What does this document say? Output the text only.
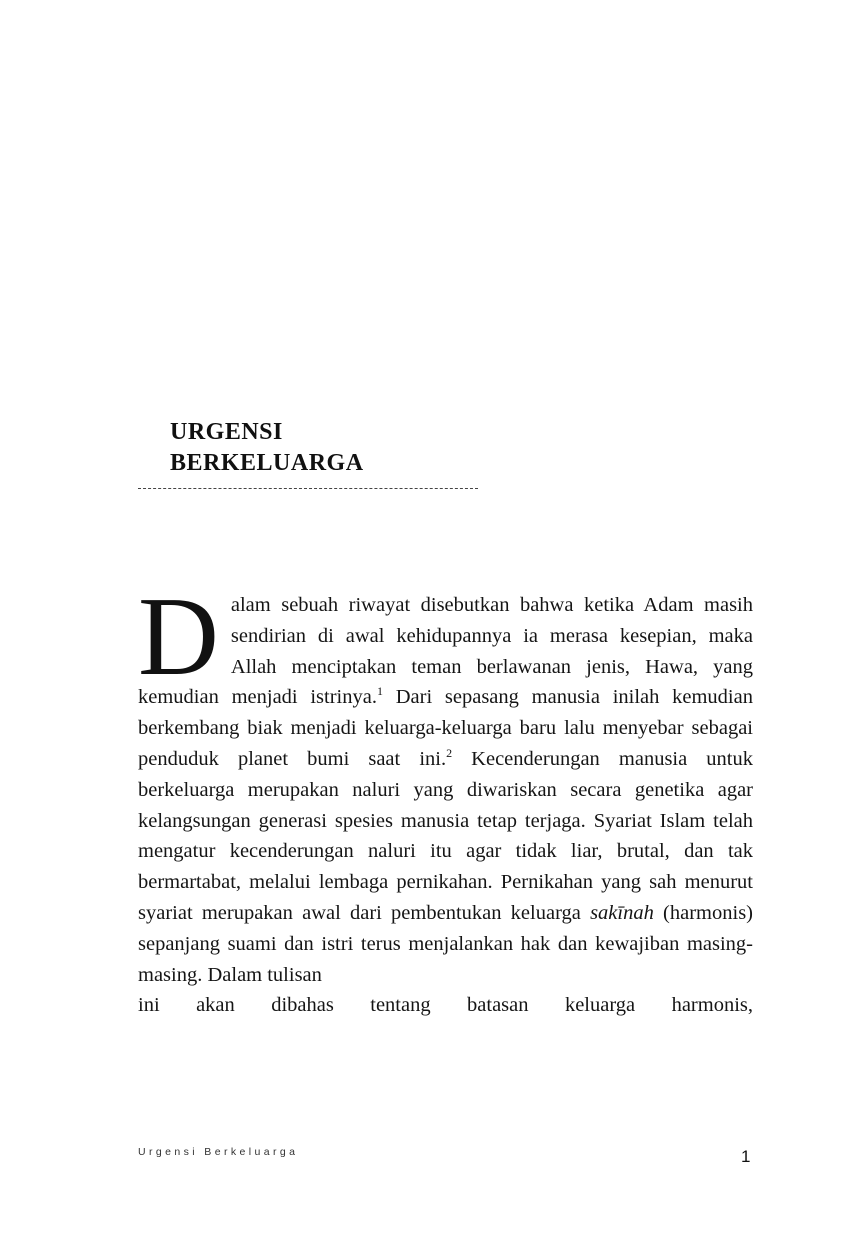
URGENSI
BERKELUARGA

Dalam sebuah riwayat disebutkan bahwa ketika Adam masih sendirian di awal kehidupannya ia merasa kesepian, maka Allah menciptakan teman berlawanan jenis, Hawa, yang kemudian menjadi istrinya.$^1$ Dari sepasang manusia inilah kemudian berkembang biak menjadi keluarga-keluarga baru lalu menyebar sebagai penduduk planet bumi saat ini.$^2$ Kecenderungan manusia untuk berkeluarga merupakan naluri yang diwariskan secara genetika agar kelangsungan generasi spesies manusia tetap terjaga. Syariat Islam telah mengatur kecenderungan naluri itu agar tidak liar, brutal, dan tak bermartabat, melalui lembaga pernikahan. Pernikahan yang sah menurut syariat merupakan awal dari pembentukan keluarga sakīnah (harmonis) sepanjang suami dan istri terus menjalankan hak dan kewajiban masing-masing. Dalam tulisan
ini akan dibahas tentang batasan keluarga harmonis,

Urgensi Berkeluarga	1
